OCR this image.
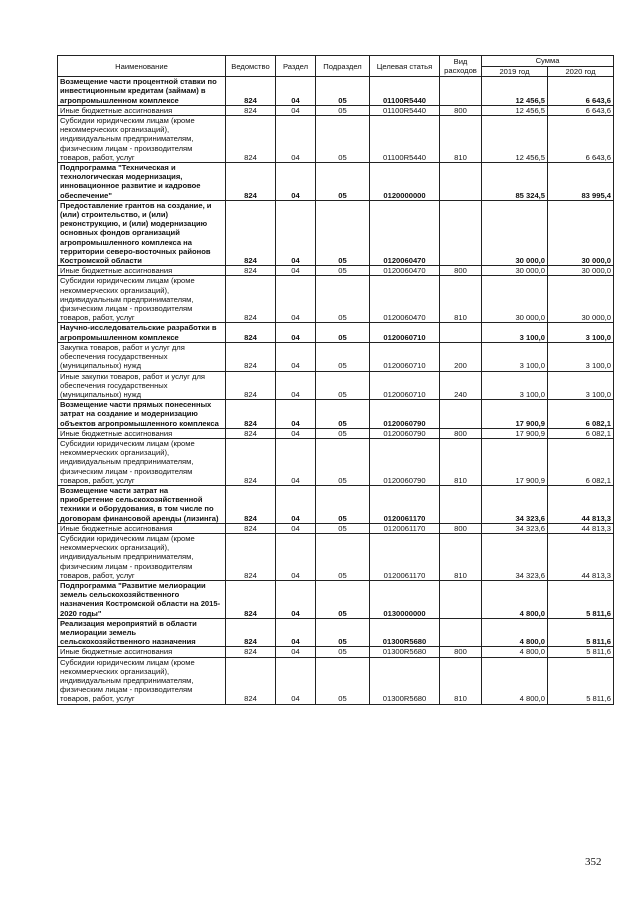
Наименование	Ведомство	Раздел	Подраздел	Целевая статья	Вид расходов	Сумма	
						2019 год	2020 год
Возмещение части процентной ставки по инвестиционным кредитам (займам) в агропромышленном комплексе	824	04	05	01100R5440		12 456,5	6 643,6
Иные бюджетные ассигнования	824	04	05	01100R5440	800	12 456,5	6 643,6
Субсидии юридическим лицам (кроме некоммерческих организаций), индивидуальным предпринимателям, физическим лицам - производителям товаров, работ, услуг	824	04	05	01100R5440	810	12 456,5	6 643,6
Подпрограмма "Техническая и технологическая модернизация, инновационное развитие и кадровое обеспечение"	824	04	05	0120000000		85 324,5	83 995,4
Предоставление грантов на создание, и (или) строительство, и (или) реконструкцию, и (или) модернизацию основных фондов организаций агропромышленного комплекса на территории северо-восточных районов Костромской области	824	04	05	0120060470		30 000,0	30 000,0
Иные бюджетные ассигнования	824	04	05	0120060470	800	30 000,0	30 000,0
Субсидии юридическим лицам (кроме некоммерческих организаций), индивидуальным предпринимателям, физическим лицам - производителям товаров, работ, услуг	824	04	05	0120060470	810	30 000,0	30 000,0
Научно-исследовательские разработки в агропромышленном комплексе	824	04	05	0120060710		3 100,0	3 100,0
Закупка товаров, работ и услуг для обеспечения государственных (муниципальных) нужд	824	04	05	0120060710	200	3 100,0	3 100,0
Иные закупки товаров, работ и услуг для обеспечения государственных (муниципальных) нужд	824	04	05	0120060710	240	3 100,0	3 100,0
Возмещение части прямых понесенных затрат на создание и модернизацию объектов агропромышленного комплекса	824	04	05	0120060790		17 900,9	6 082,1
Иные бюджетные ассигнования	824	04	05	0120060790	800	17 900,9	6 082,1
Субсидии юридическим лицам (кроме некоммерческих организаций), индивидуальным предпринимателям, физическим лицам - производителям товаров, работ, услуг	824	04	05	0120060790	810	17 900,9	6 082,1
Возмещение части затрат на приобретение сельскохозяйственной техники и оборудования, в том числе по договорам финансовой аренды (лизинга)	824	04	05	0120061170		34 323,6	44 813,3
Иные бюджетные ассигнования	824	04	05	0120061170	800	34 323,6	44 813,3
Субсидии юридическим лицам (кроме некоммерческих организаций), индивидуальным предпринимателям, физическим лицам - производителям товаров, работ, услуг	824	04	05	0120061170	810	34 323,6	44 813,3
Подпрограмма "Развитие мелиорации земель сельскохозяйственного назначения Костромской области на 2015-2020 годы"	824	04	05	0130000000		4 800,0	5 811,6
Реализация мероприятий в области мелиорации земель сельскохозяйственного назначения	824	04	05	01300R5680		4 800,0	5 811,6
Иные бюджетные ассигнования	824	04	05	01300R5680	800	4 800,0	5 811,6
Субсидии юридическим лицам (кроме некоммерческих организаций), индивидуальным предпринимателям, физическим лицам - производителям товаров, работ, услуг	824	04	05	01300R5680	810	4 800,0	5 811,6
352
